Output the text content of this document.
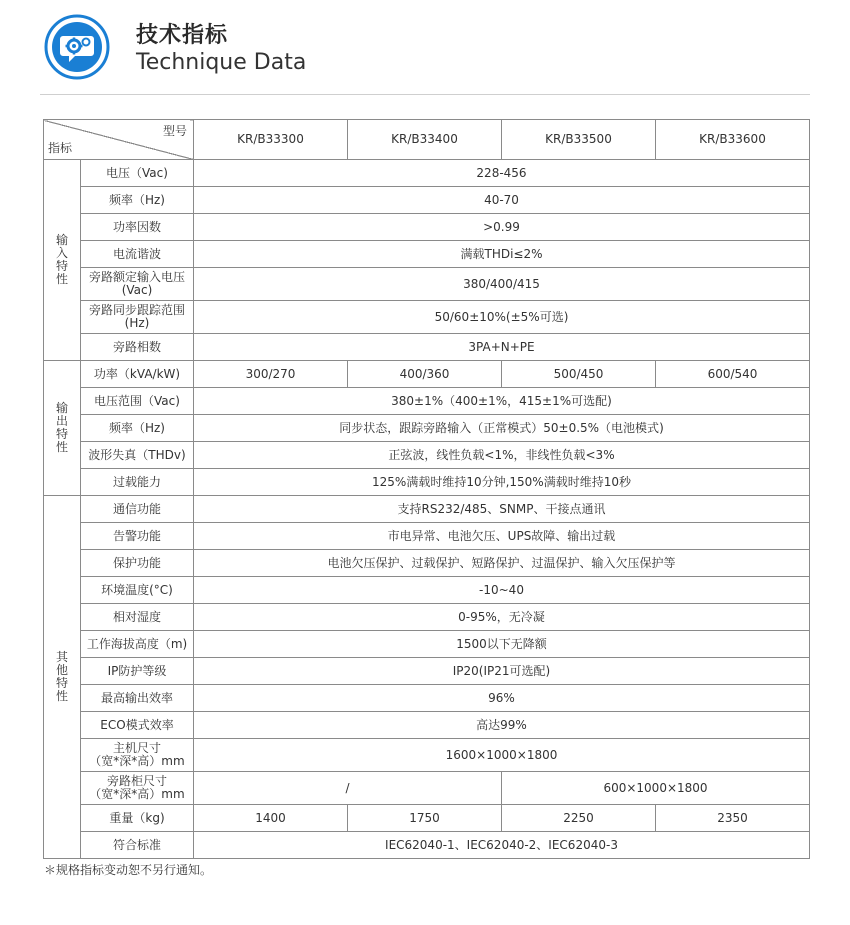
技术指标
Technique Data
型号
指标		KR/B33300	KR/B33400	KR/B33500	KR/B33600
输入特性	电压（Vac)	228-456			
	频率（Hz)	40-70			
	功率因数	>0.99			
	电流谐波	满载THDi≤2%			
	旁路额定输入电压
(Vac)	380/400/415			
	旁路同步跟踪范围
(Hz)	50/60±10%(±5%可选)			
	旁路相数	3PA+N+PE			
输出特性	功率（kVA/kW)	300/270	400/360	500/450	600/540
	电压范围（Vac)	380±1%（400±1%，415±1%可选配)			
	频率（Hz)	同步状态，跟踪旁路输入（正常模式）50±0.5%（电池模式)			
	波形失真（THDv)	正弦波，线性负载<1%，非线性负载<3%			
	过载能力	125%满载时维持10分钟,150%满载时维持10秒			
其他特性	通信功能	支持RS232/485、SNMP、干接点通讯			
	告警功能	市电异常、电池欠压、UPS故障、输出过载			
	保护功能	电池欠压保护、过载保护、短路保护、过温保护、输入欠压保护等			
	环境温度(°C)	-10~40			
	相对湿度	0-95%，无冷凝			
	工作海拔高度（m)	1500以下无降额			
	IP防护等级	IP20(IP21可选配)			
	最高输出效率	96%			
	ECO模式效率	高达99%			
	主机尺寸
（宽*深*高）mm	1600×1000×1800			
	旁路柜尺寸
（宽*深*高）mm	/		600×1000×1800	
	重量（kg)	1400	1750	2250	2350
	符合标准	IEC62040-1、IEC62040-2、IEC62040-3			
＊规格指标变动恕不另行通知。
